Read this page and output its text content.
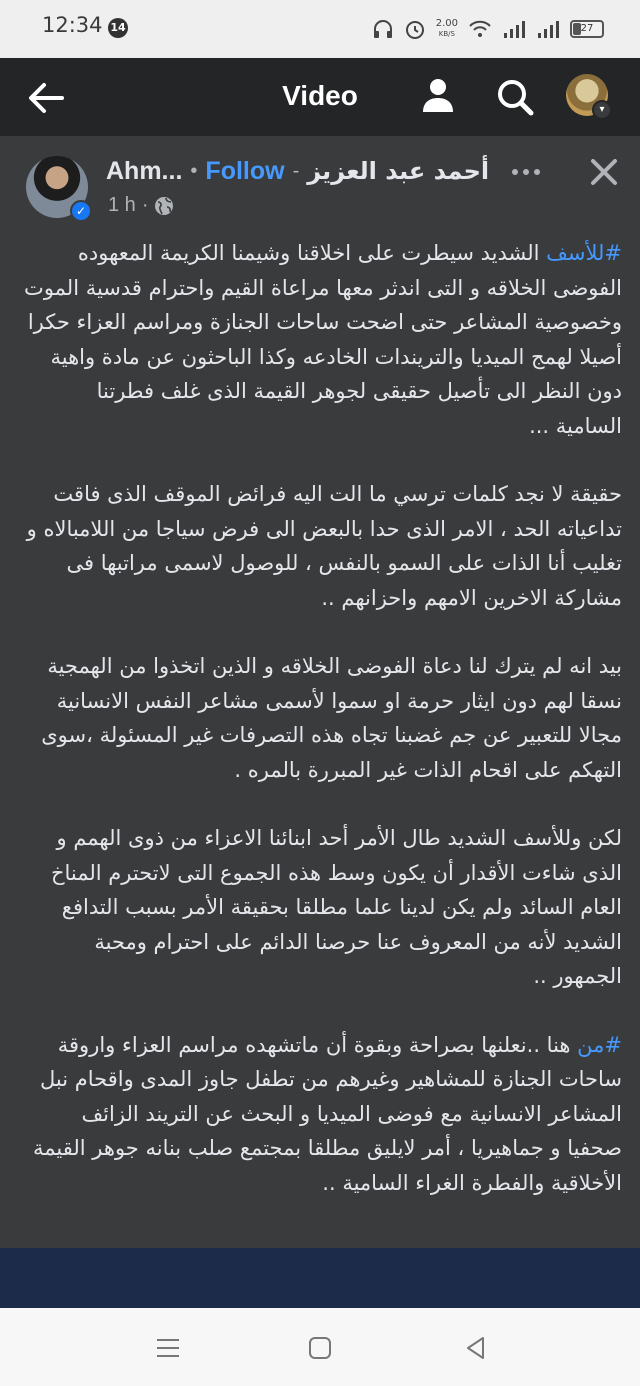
12:34 14	2.00
KB/S	27
Video	▾
✓
Ahm... • Follow - أحمد عبد العزيز
1 h ·

#للأسف الشديد سيطرت على اخلاقنا وشيمنا الكريمة المعهوده الفوضى الخلاقه و التى اندثر معها مراعاة القيم واحترام قدسية الموت وخصوصية المشاعر حتى اضحت ساحات الجنازة ومراسم العزاء حكرا أصيلا لهمج الميديا والتريندات الخادعه وكذا الباحثون عن مادة واهية دون النظر الى تأصيل حقيقى لجوهر القيمة الذى غلف فطرتنا السامية ...

حقيقة لا نجد كلمات ترسي ما الت اليه فرائض الموقف الذى فاقت تداعياته الحد ، الامر الذى حدا بالبعض الى فرض سياجا من اللامبالاه و تغليب أنا الذات على السمو بالنفس ، للوصول لاسمى مراتبها فى مشاركة الاخرين الامهم واحزانهم ..

بيد انه لم يترك لنا دعاة الفوضى الخلاقه و الذين اتخذوا من الهمجية نسقا لهم دون ايثار حرمة او سموا لأسمى مشاعر النفس الانسانية مجالا للتعبير عن جم غضبنا تجاه هذه التصرفات غير المسئولة ،سوى التهكم على اقحام الذات غير المبررة بالمره .

لكن وللأسف الشديد طال الأمر أحد ابنائنا الاعزاء من ذوى الهمم و الذى شاءت الأقدار أن يكون وسط هذه الجموع التى لاتحترم المناخ العام السائد ولم يكن لدينا علما مطلقا بحقيقة الأمر بسبب التدافع الشديد لأنه من المعروف عنا حرصنا الدائم على احترام ومحبة الجمهور ..

#من هنا ..نعلنها بصراحة وبقوة أن ماتشهده مراسم العزاء واروقة ساحات الجنازة للمشاهير وغيرهم من تطفل جاوز المدى واقحام نبل المشاعر الانسانية مع فوضى الميديا و البحث عن التريند الزائف صحفيا و جماهيريا ، أمر لايليق مطلقا بمجتمع صلب بنانه جوهر القيمة الأخلاقية والفطرة الغراء السامية ..
